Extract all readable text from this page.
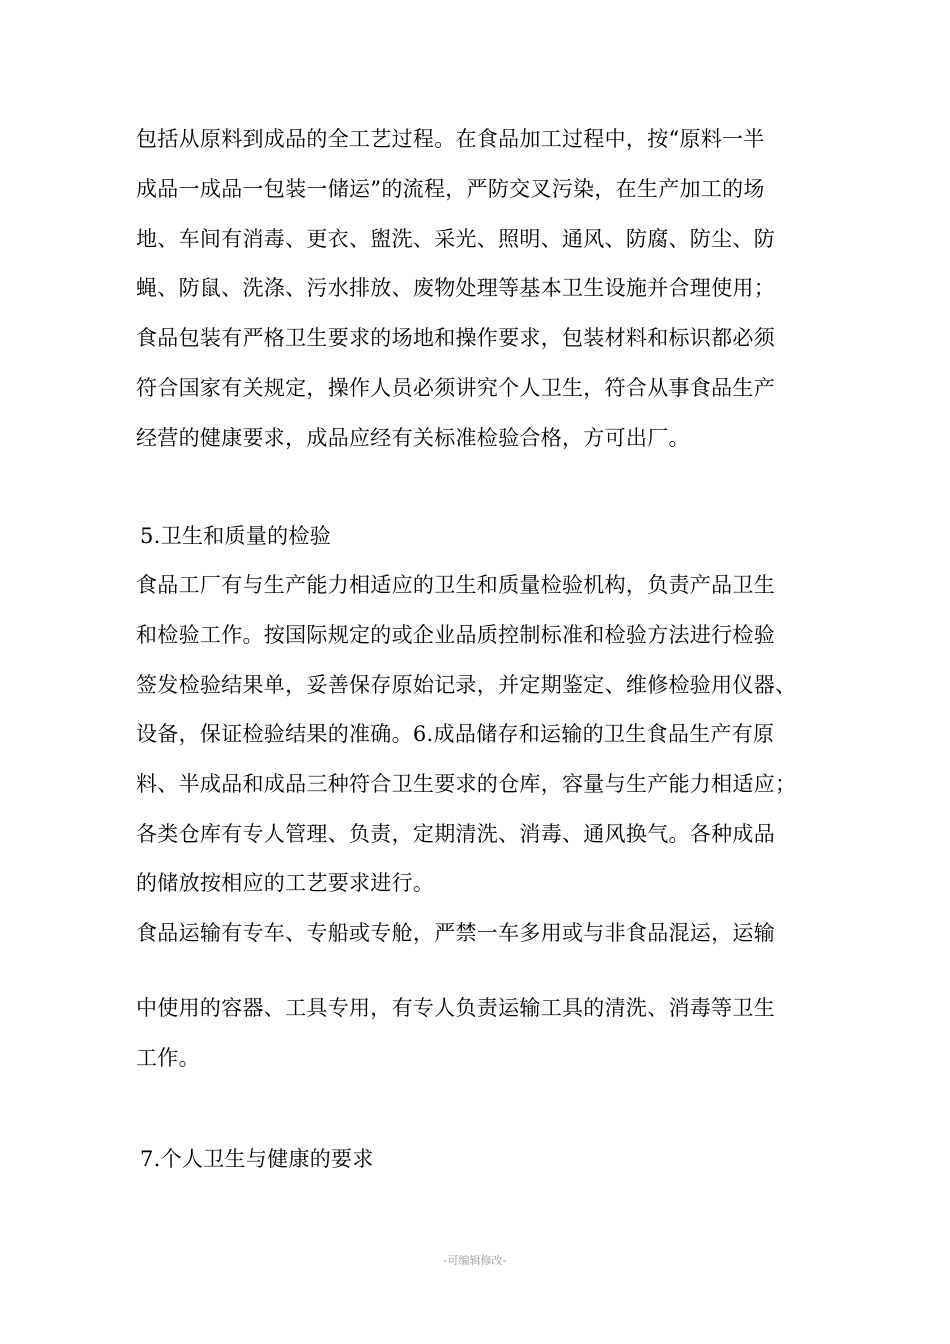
包括从原料到成品的全工艺过程。在食品加工过程中，按“原料一半
成品一成品一包装一储运”的流程，严防交叉污染，在生产加工的场
地、车间有消毒、更衣、盥洗、采光、照明、通风、防腐、防尘、防
蝇、防鼠、洗涤、污水排放、废物处理等基本卫生设施并合理使用；
食品包装有严格卫生要求的场地和操作要求，包装材料和标识都必须
符合国家有关规定，操作人员必须讲究个人卫生，符合从事食品生产
经营的健康要求，成品应经有关标准检验合格，方可出厂。
5.卫生和质量的检验
食品工厂有与生产能力相适应的卫生和质量检验机构，负责产品卫生
和检验工作。按国际规定的或企业品质控制标准和检验方法进行检验
签发检验结果单，妥善保存原始记录，并定期鉴定、维修检验用仪器、
设备，保证检验结果的准确。6.成品储存和运输的卫生食品生产有原
料、半成品和成品三种符合卫生要求的仓库，容量与生产能力相适应；
各类仓库有专人管理、负责，定期清洗、消毒、通风换气。各种成品
的储放按相应的工艺要求进行。
食品运输有专车、专船或专舱，严禁一车多用或与非食品混运，运输
中使用的容器、工具专用，有专人负责运输工具的清洗、消毒等卫生
工作。
7.个人卫生与健康的要求
-可编辑修改-
